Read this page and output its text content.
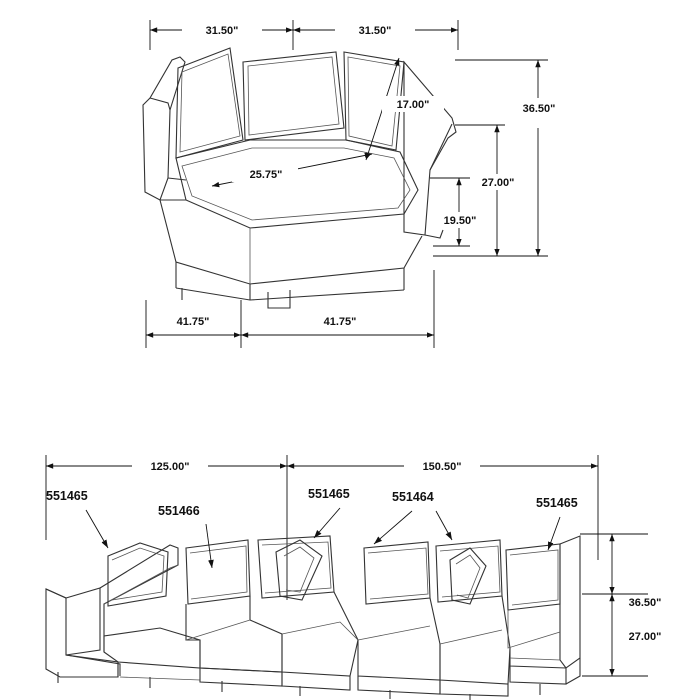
31.50"	31.50"
17.00"	36.50"
27.00"
19.50"
25.75"
41.75"	41.75"
125.00"	150.50"
551465
551466
551465	551464	551465
36.50"
27.00"
